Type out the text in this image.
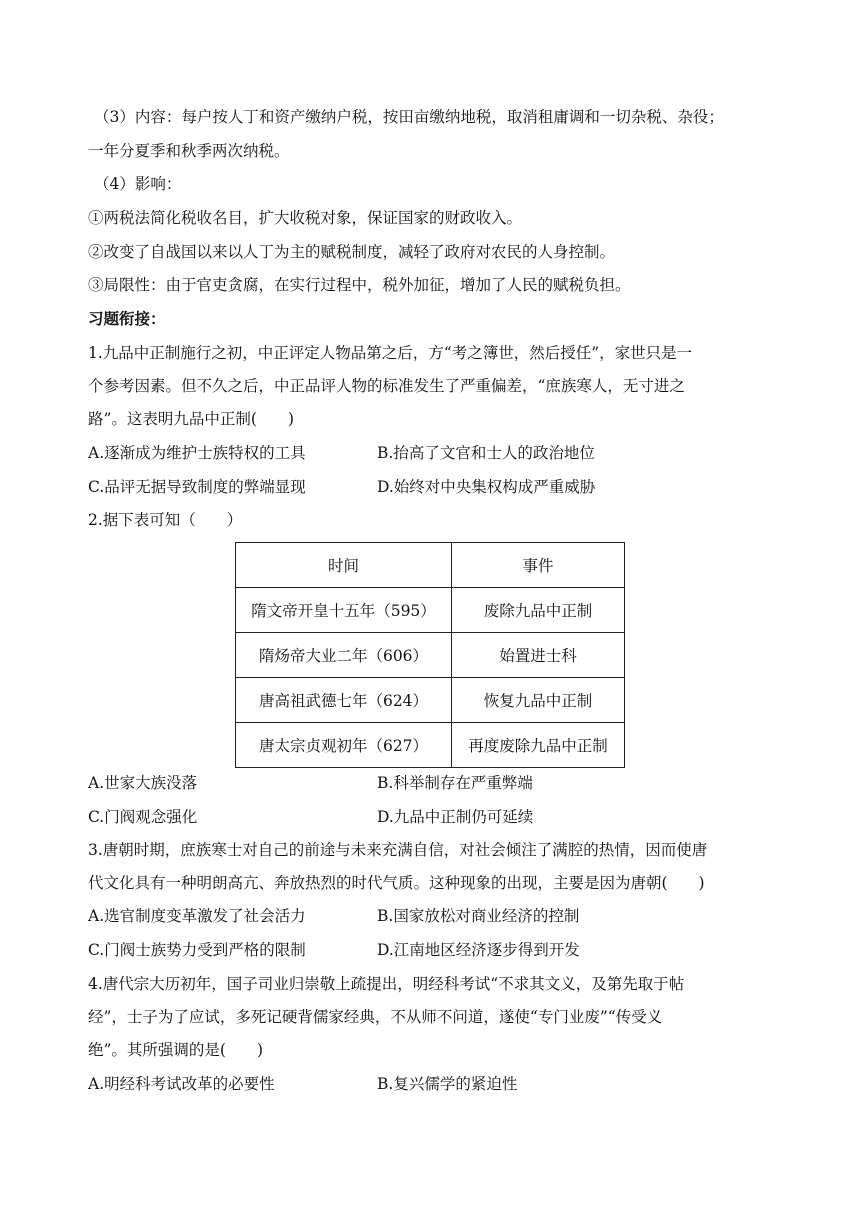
（3）内容：每户按人丁和资产缴纳户税，按田亩缴纳地税，取消租庸调和一切杂税、杂役；
一年分夏季和秋季两次纳税。
（4）影响：
①两税法简化税收名目，扩大收税对象，保证国家的财政收入。
②改变了自战国以来以人丁为主的赋税制度，减轻了政府对农民的人身控制。
③局限性：由于官吏贪腐，在实行过程中，税外加征，增加了人民的赋税负担。
习题衔接：
1.九品中正制施行之初，中正评定人物品第之后，方“考之簿世，然后授任”，家世只是一
个参考因素。但不久之后，中正品评人物的标准发生了严重偏差，“庶族寒人，无寸进之
路”。这表明九品中正制(　　)
A.逐渐成为维护士族特权的工具	B.抬高了文官和士人的政治地位
C.品评无据导致制度的弊端显现	D.始终对中央集权构成严重威胁
2.据下表可知（　　）
时间	事件
隋文帝开皇十五年（595）	废除九品中正制
隋炀帝大业二年（606）	始置进士科
唐高祖武德七年（624）	恢复九品中正制
唐太宗贞观初年（627）	再度废除九品中正制
A.世家大族没落	B.科举制存在严重弊端
C.门阀观念强化	D.九品中正制仍可延续
3.唐朝时期，庶族寒士对自己的前途与未来充满自信，对社会倾注了满腔的热情，因而使唐
代文化具有一种明朗高亢、奔放热烈的时代气质。这种现象的出现，主要是因为唐朝(　　)
A.选官制度变革激发了社会活力	B.国家放松对商业经济的控制
C.门阀士族势力受到严格的限制	D.江南地区经济逐步得到开发
4.唐代宗大历初年，国子司业归崇敬上疏提出，明经科考试“不求其文义，及第先取于帖
经”，士子为了应试，多死记硬背儒家经典，不从师不问道，遂使“专门业废”“传受义
绝”。其所强调的是(　　)
A.明经科考试改革的必要性	B.复兴儒学的紧迫性
